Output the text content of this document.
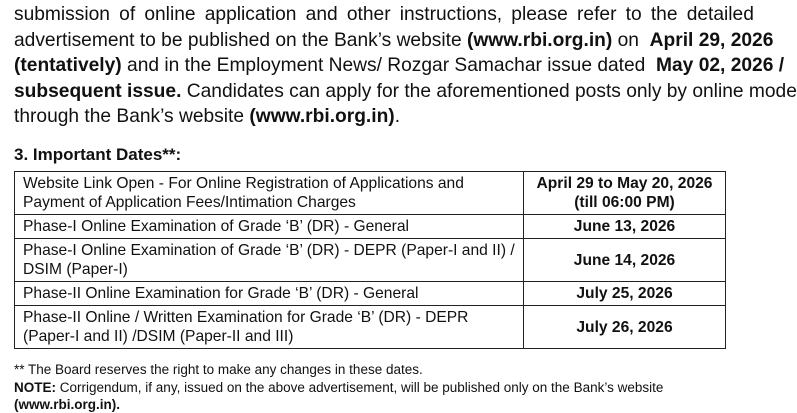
submission of online application and other instructions, please refer to the detailed
advertisement to be published on the Bank’s website (www.rbi.org.in) on April 29, 2026
(tentatively) and in the Employment News/ Rozgar Samachar issue dated May 02, 2026 /
subsequent issue. Candidates can apply for the aforementioned posts only by online mode
through the Bank’s website (www.rbi.org.in).
3. Important Dates**:
Website Link Open - For Online Registration of Applications and Payment of Application Fees/Intimation Charges	April 29 to May 20, 2026
(till 06:00 PM)

Phase-I Online Examination of Grade ‘B’ (DR) - General	June 13, 2026
Phase-I Online Examination of Grade ‘B’ (DR) - DEPR (Paper-I and II) / DSIM (Paper-I)	June 14, 2026
Phase-II Online Examination for Grade ‘B’ (DR) - General	July 25, 2026
Phase-II Online / Written Examination for Grade ‘B’ (DR) - DEPR (Paper-I and II) /DSIM (Paper-II and III)	July 26, 2026
** The Board reserves the right to make any changes in these dates.
NOTE: Corrigendum, if any, issued on the above advertisement, will be published only on the Bank’s website (www.rbi.org.in).
